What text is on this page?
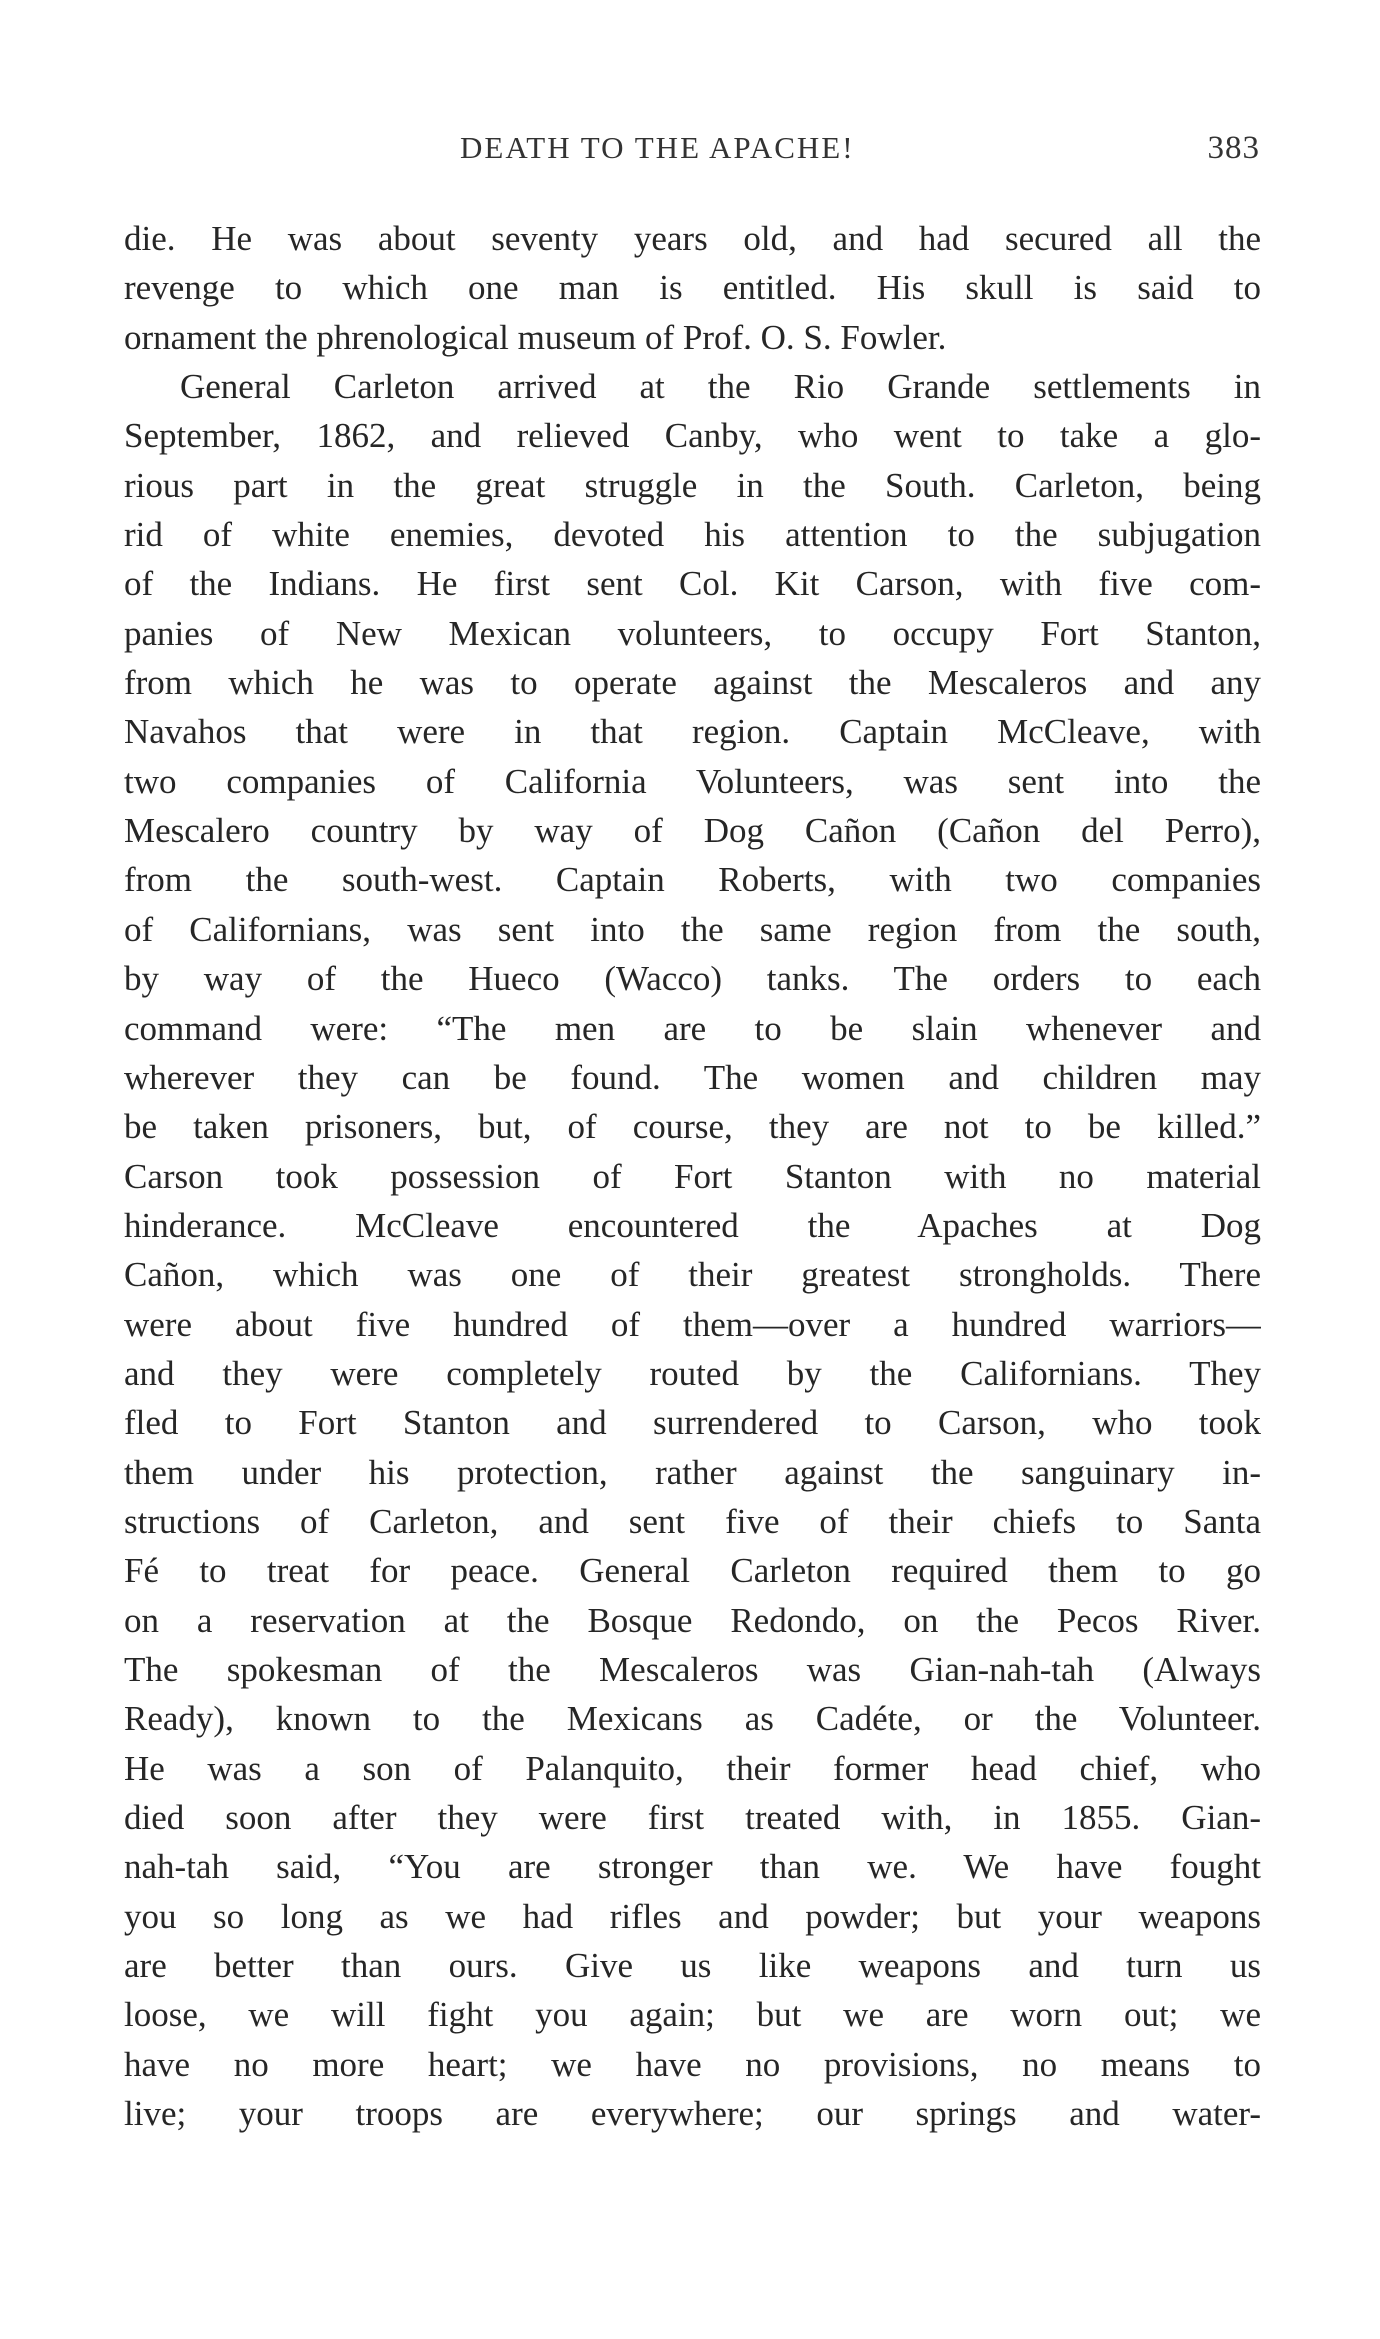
DEATH TO THE APACHE!	383
die. He was about seventy years old, and had secured all the
revenge to which one man is entitled. His skull is said to
ornament the phrenological museum of Prof. O. S. Fowler.
General Carleton arrived at the Rio Grande settlements in
September, 1862, and relieved Canby, who went to take a glo-
rious part in the great struggle in the South. Carleton, being
rid of white enemies, devoted his attention to the subjugation
of the Indians. He first sent Col. Kit Carson, with five com-
panies of New Mexican volunteers, to occupy Fort Stanton,
from which he was to operate against the Mescaleros and any
Navahos that were in that region. Captain McCleave, with
two companies of California Volunteers, was sent into the
Mescalero country by way of Dog Cañon (Cañon del Perro),
from the south-west. Captain Roberts, with two companies
of Californians, was sent into the same region from the south,
by way of the Hueco (Wacco) tanks. The orders to each
command were: “The men are to be slain whenever and
wherever they can be found. The women and children may
be taken prisoners, but, of course, they are not to be killed.”
Carson took possession of Fort Stanton with no material
hinderance. McCleave encountered the Apaches at Dog
Cañon, which was one of their greatest strongholds. There
were about five hundred of them—over a hundred warriors—
and they were completely routed by the Californians. They
fled to Fort Stanton and surrendered to Carson, who took
them under his protection, rather against the sanguinary in-
structions of Carleton, and sent five of their chiefs to Santa
Fé to treat for peace. General Carleton required them to go
on a reservation at the Bosque Redondo, on the Pecos River.
The spokesman of the Mescaleros was Gian-nah-tah (Always
Ready), known to the Mexicans as Cadéte, or the Volunteer.
He was a son of Palanquito, their former head chief, who
died soon after they were first treated with, in 1855. Gian-
nah-tah said, “You are stronger than we. We have fought
you so long as we had rifles and powder; but your weapons
are better than ours. Give us like weapons and turn us
loose, we will fight you again; but we are worn out; we
have no more heart; we have no provisions, no means to
live; your troops are everywhere; our springs and water-
